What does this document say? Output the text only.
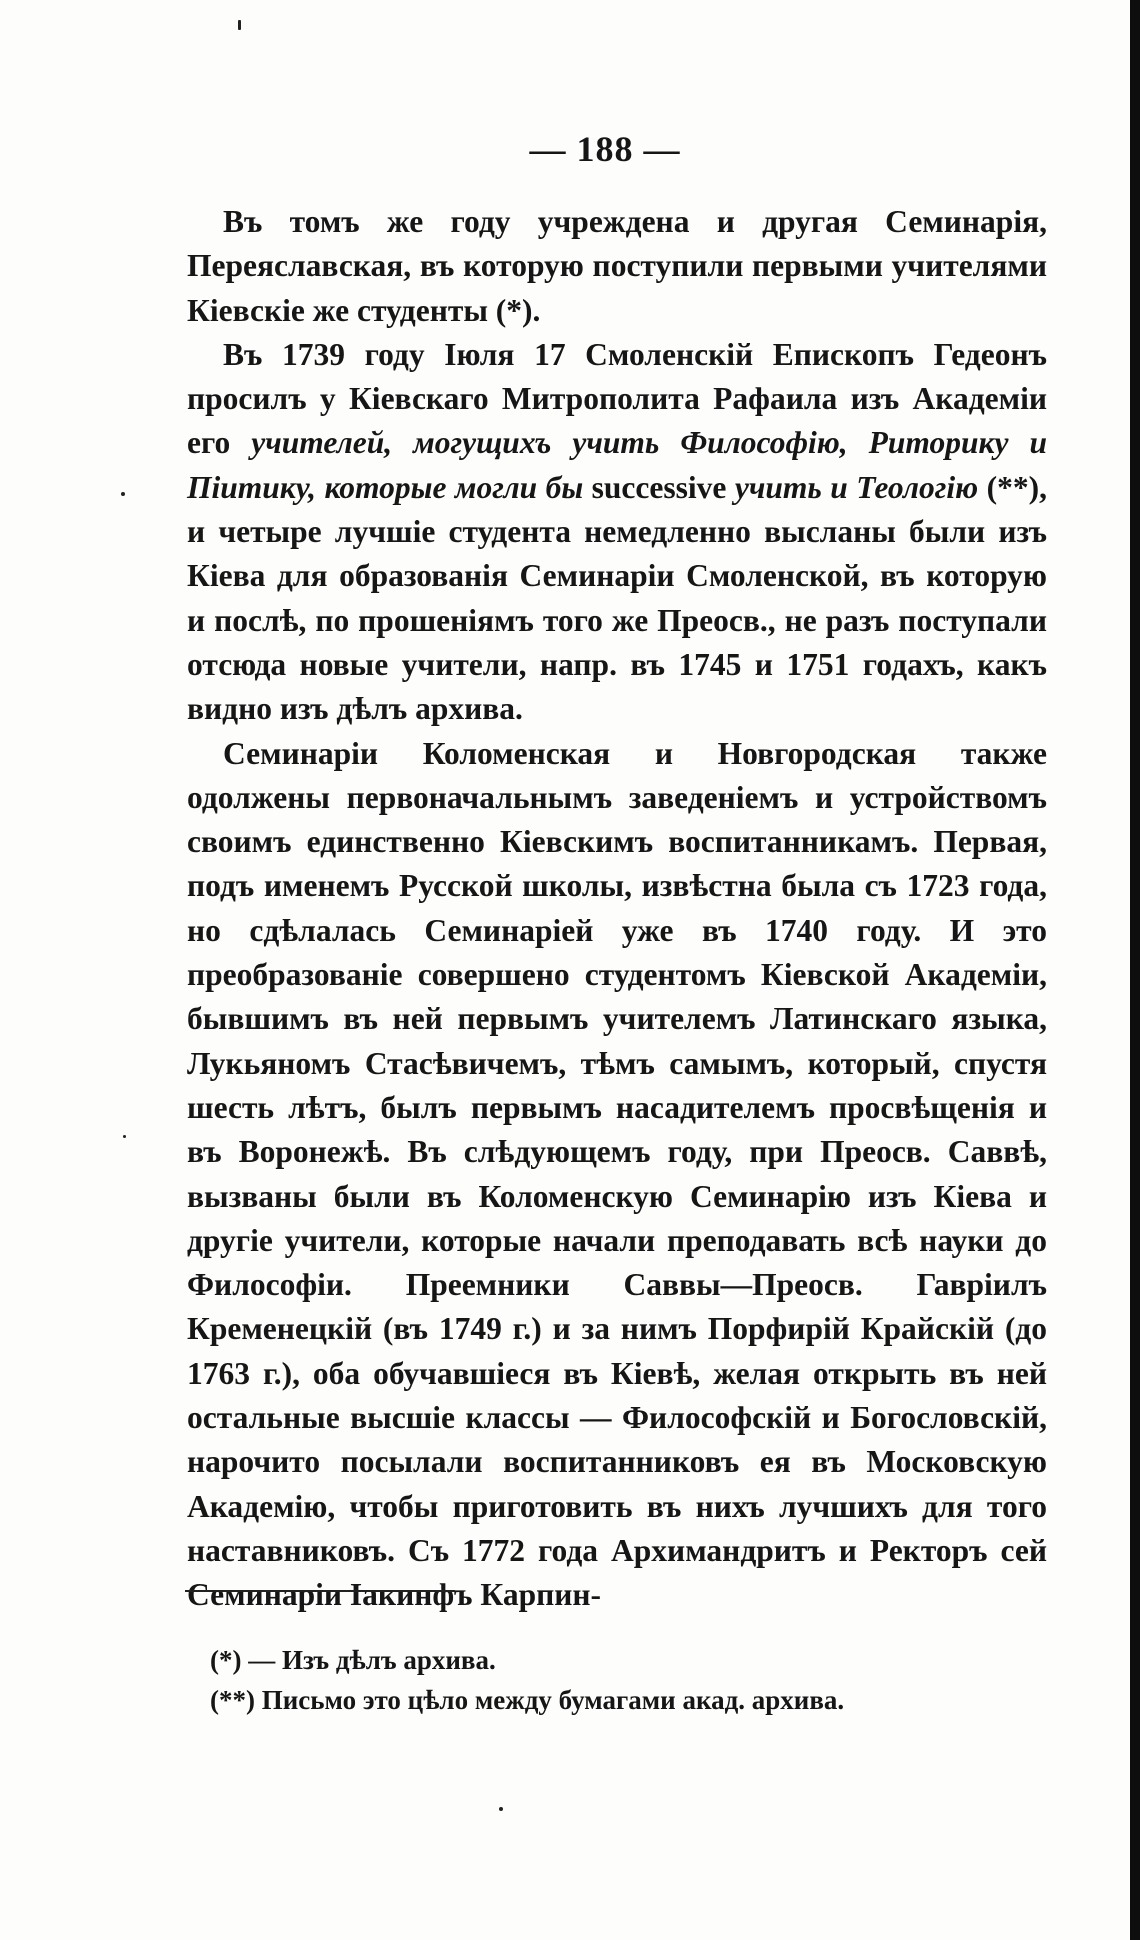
— 188 —

Въ томъ же году учреждена и другая Семинарія, Переяславская, въ которую поступили первыми учителями Кіевскіе же студенты (*).

Въ 1739 году Іюля 17 Смоленскій Епископъ Гедеонъ просилъ у Кіевскаго Митрополита Рафаила изъ Академіи его учителей, могущихъ учить Философію, Риторику и Піитику, которые могли бы successive учить и Теологію (**), и четыре лучшіе студента немедленно высланы были изъ Кіева для образованія Семинаріи Смоленской, въ которую и послѣ, по прошеніямъ того же Преосв., не разъ поступали отсюда новые учители, напр. въ 1745 и 1751 годахъ, какъ видно изъ дѣлъ архива.

Семинаріи Коломенская и Новгородская также одолжены первоначальнымъ заведеніемъ и устройствомъ своимъ единственно Кіевскимъ воспитанникамъ. Первая, подъ именемъ Русской школы, извѣстна была съ 1723 года, но сдѣлалась Семинаріей уже въ 1740 году. И это преобразованіе совершено студентомъ Кіевской Академіи, бывшимъ въ ней первымъ учителемъ Латинскаго языка, Лукьяномъ Стасѣвичемъ, тѣмъ самымъ, который, спустя шесть лѣтъ, былъ первымъ насадителемъ просвѣщенія и въ Воронежѣ. Въ слѣдующемъ году, при Преосв. Саввѣ, вызваны были въ Коломенскую Семинарію изъ Кіева и другіе учители, которые начали преподавать всѣ науки до Философіи. Преемники Саввы—Преосв. Гавріилъ Кременецкій (въ 1749 г.) и за нимъ Порфирій Крайскій (до 1763 г.), оба обучавшіеся въ Кіевѣ, желая открыть въ ней остальные высшіе классы — Философскій и Богословскій, нарочито посылали воспитанниковъ ея въ Московскую Академію, чтобы приготовить въ нихъ лучшихъ для того наставниковъ. Съ 1772 года Архимандритъ и Ректоръ сей Семинаріи Іакинфъ Карпин-

(*) — Изъ дѣлъ архива.
(**) Письмо это цѣло между бумагами акад. архива.
